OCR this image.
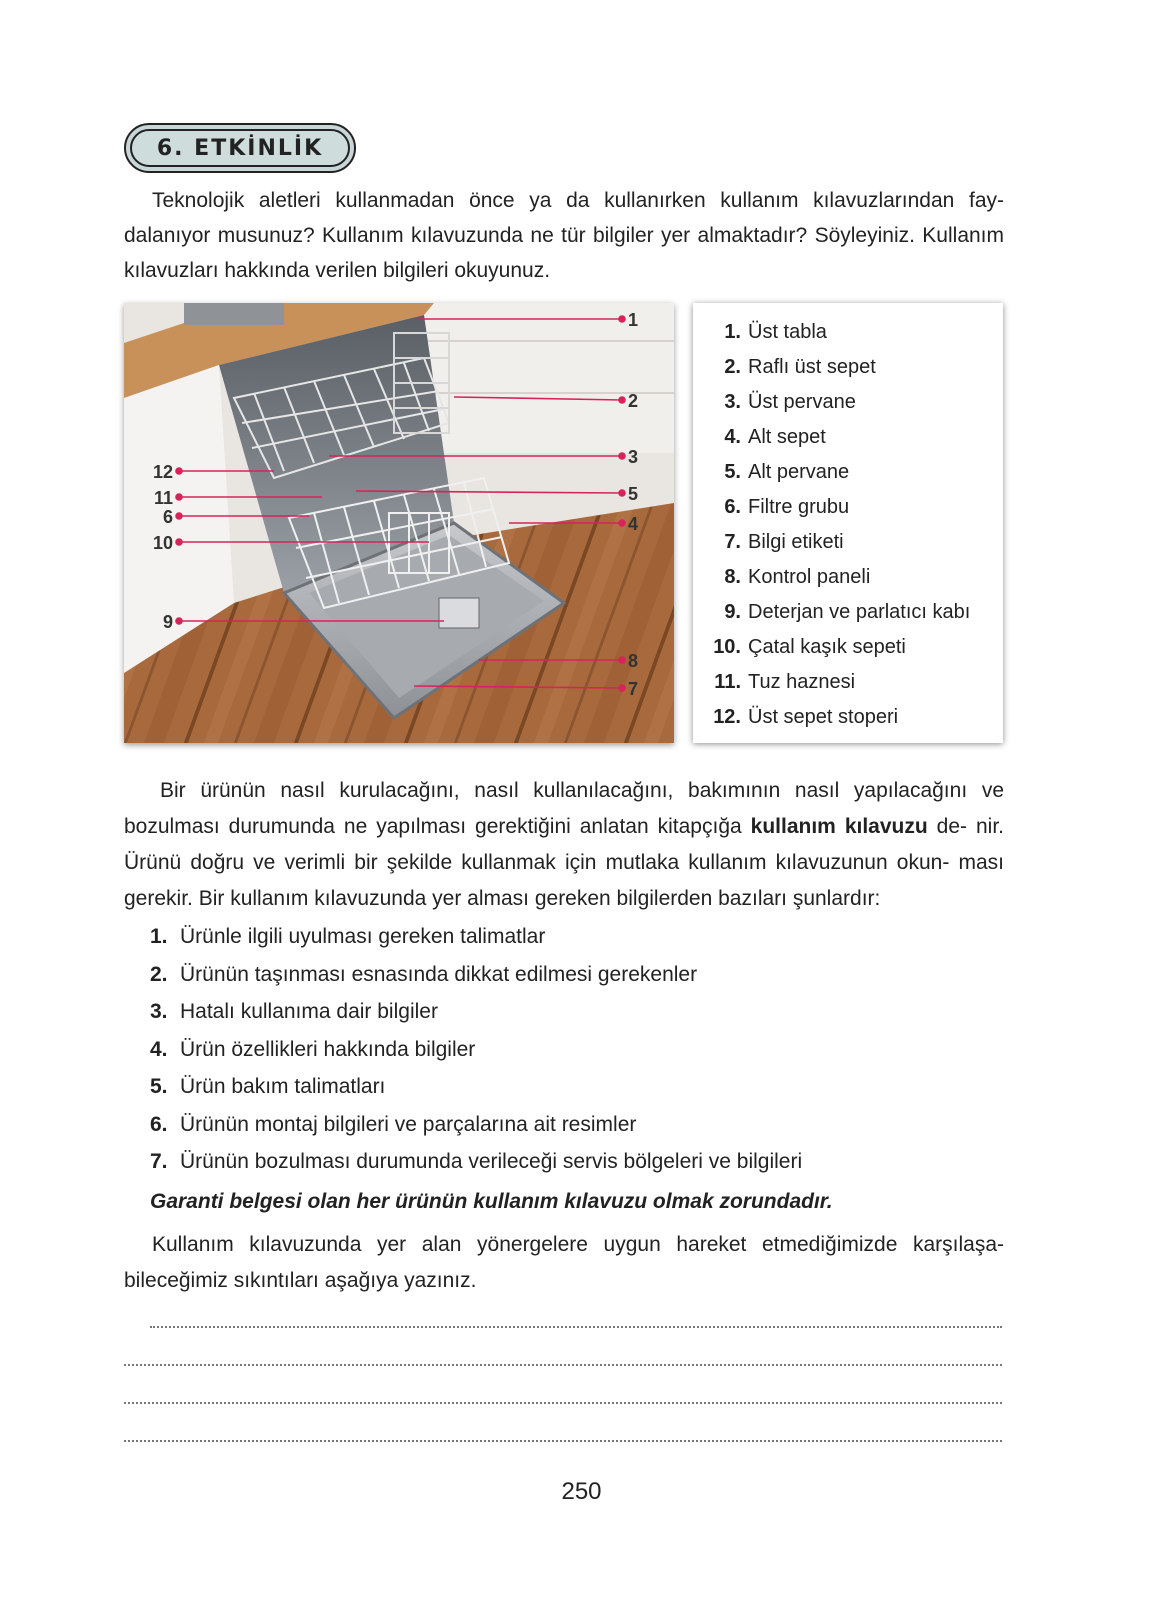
6. ETKİNLİK

Teknolojik aletleri kullanmadan önce ya da kullanırken kullanım kılavuzlarından fay- dalanıyor musunuz? Kullanım kılavuzunda ne tür bilgiler yer almaktadır? Söyleyiniz. Kullanım kılavuzları hakkında verilen bilgileri okuyunuz.

1
2
3
5
4
8
7
12
11
6
10
9
1. Üst tabla
2. Raflı üst sepet
3. Üst pervane
4. Alt sepet
5. Alt pervane
6. Filtre grubu
7. Bilgi etiketi
8. Kontrol paneli
9. Deterjan ve parlatıcı kabı
10. Çatal kaşık sepeti
11. Tuz haznesi
12. Üst sepet stoperi

Bir ürünün nasıl kurulacağını, nasıl kullanılacağını, bakımının nasıl yapılacağını ve bozulması durumunda ne yapılması gerektiğini anlatan kitapçığa kullanım kılavuzu de- nir. Ürünü doğru ve verimli bir şekilde kullanmak için mutlaka kullanım kılavuzunun okun- ması gerekir. Bir kullanım kılavuzunda yer alması gereken bilgilerden bazıları şunlardır:

1. Ürünle ilgili uyulması gereken talimatlar
2. Ürünün taşınması esnasında dikkat edilmesi gerekenler
3. Hatalı kullanıma dair bilgiler
4. Ürün özellikleri hakkında bilgiler
5. Ürün bakım talimatları
6. Ürünün montaj bilgileri ve parçalarına ait resimler
7. Ürünün bozulması durumunda verileceği servis bölgeleri ve bilgileri
Garanti belgesi olan her ürünün kullanım kılavuzu olmak zorundadır.

Kullanım kılavuzunda yer alan yönergelere uygun hareket etmediğimizde karşılaşa- bileceğimiz sıkıntıları aşağıya yazınız.

250
